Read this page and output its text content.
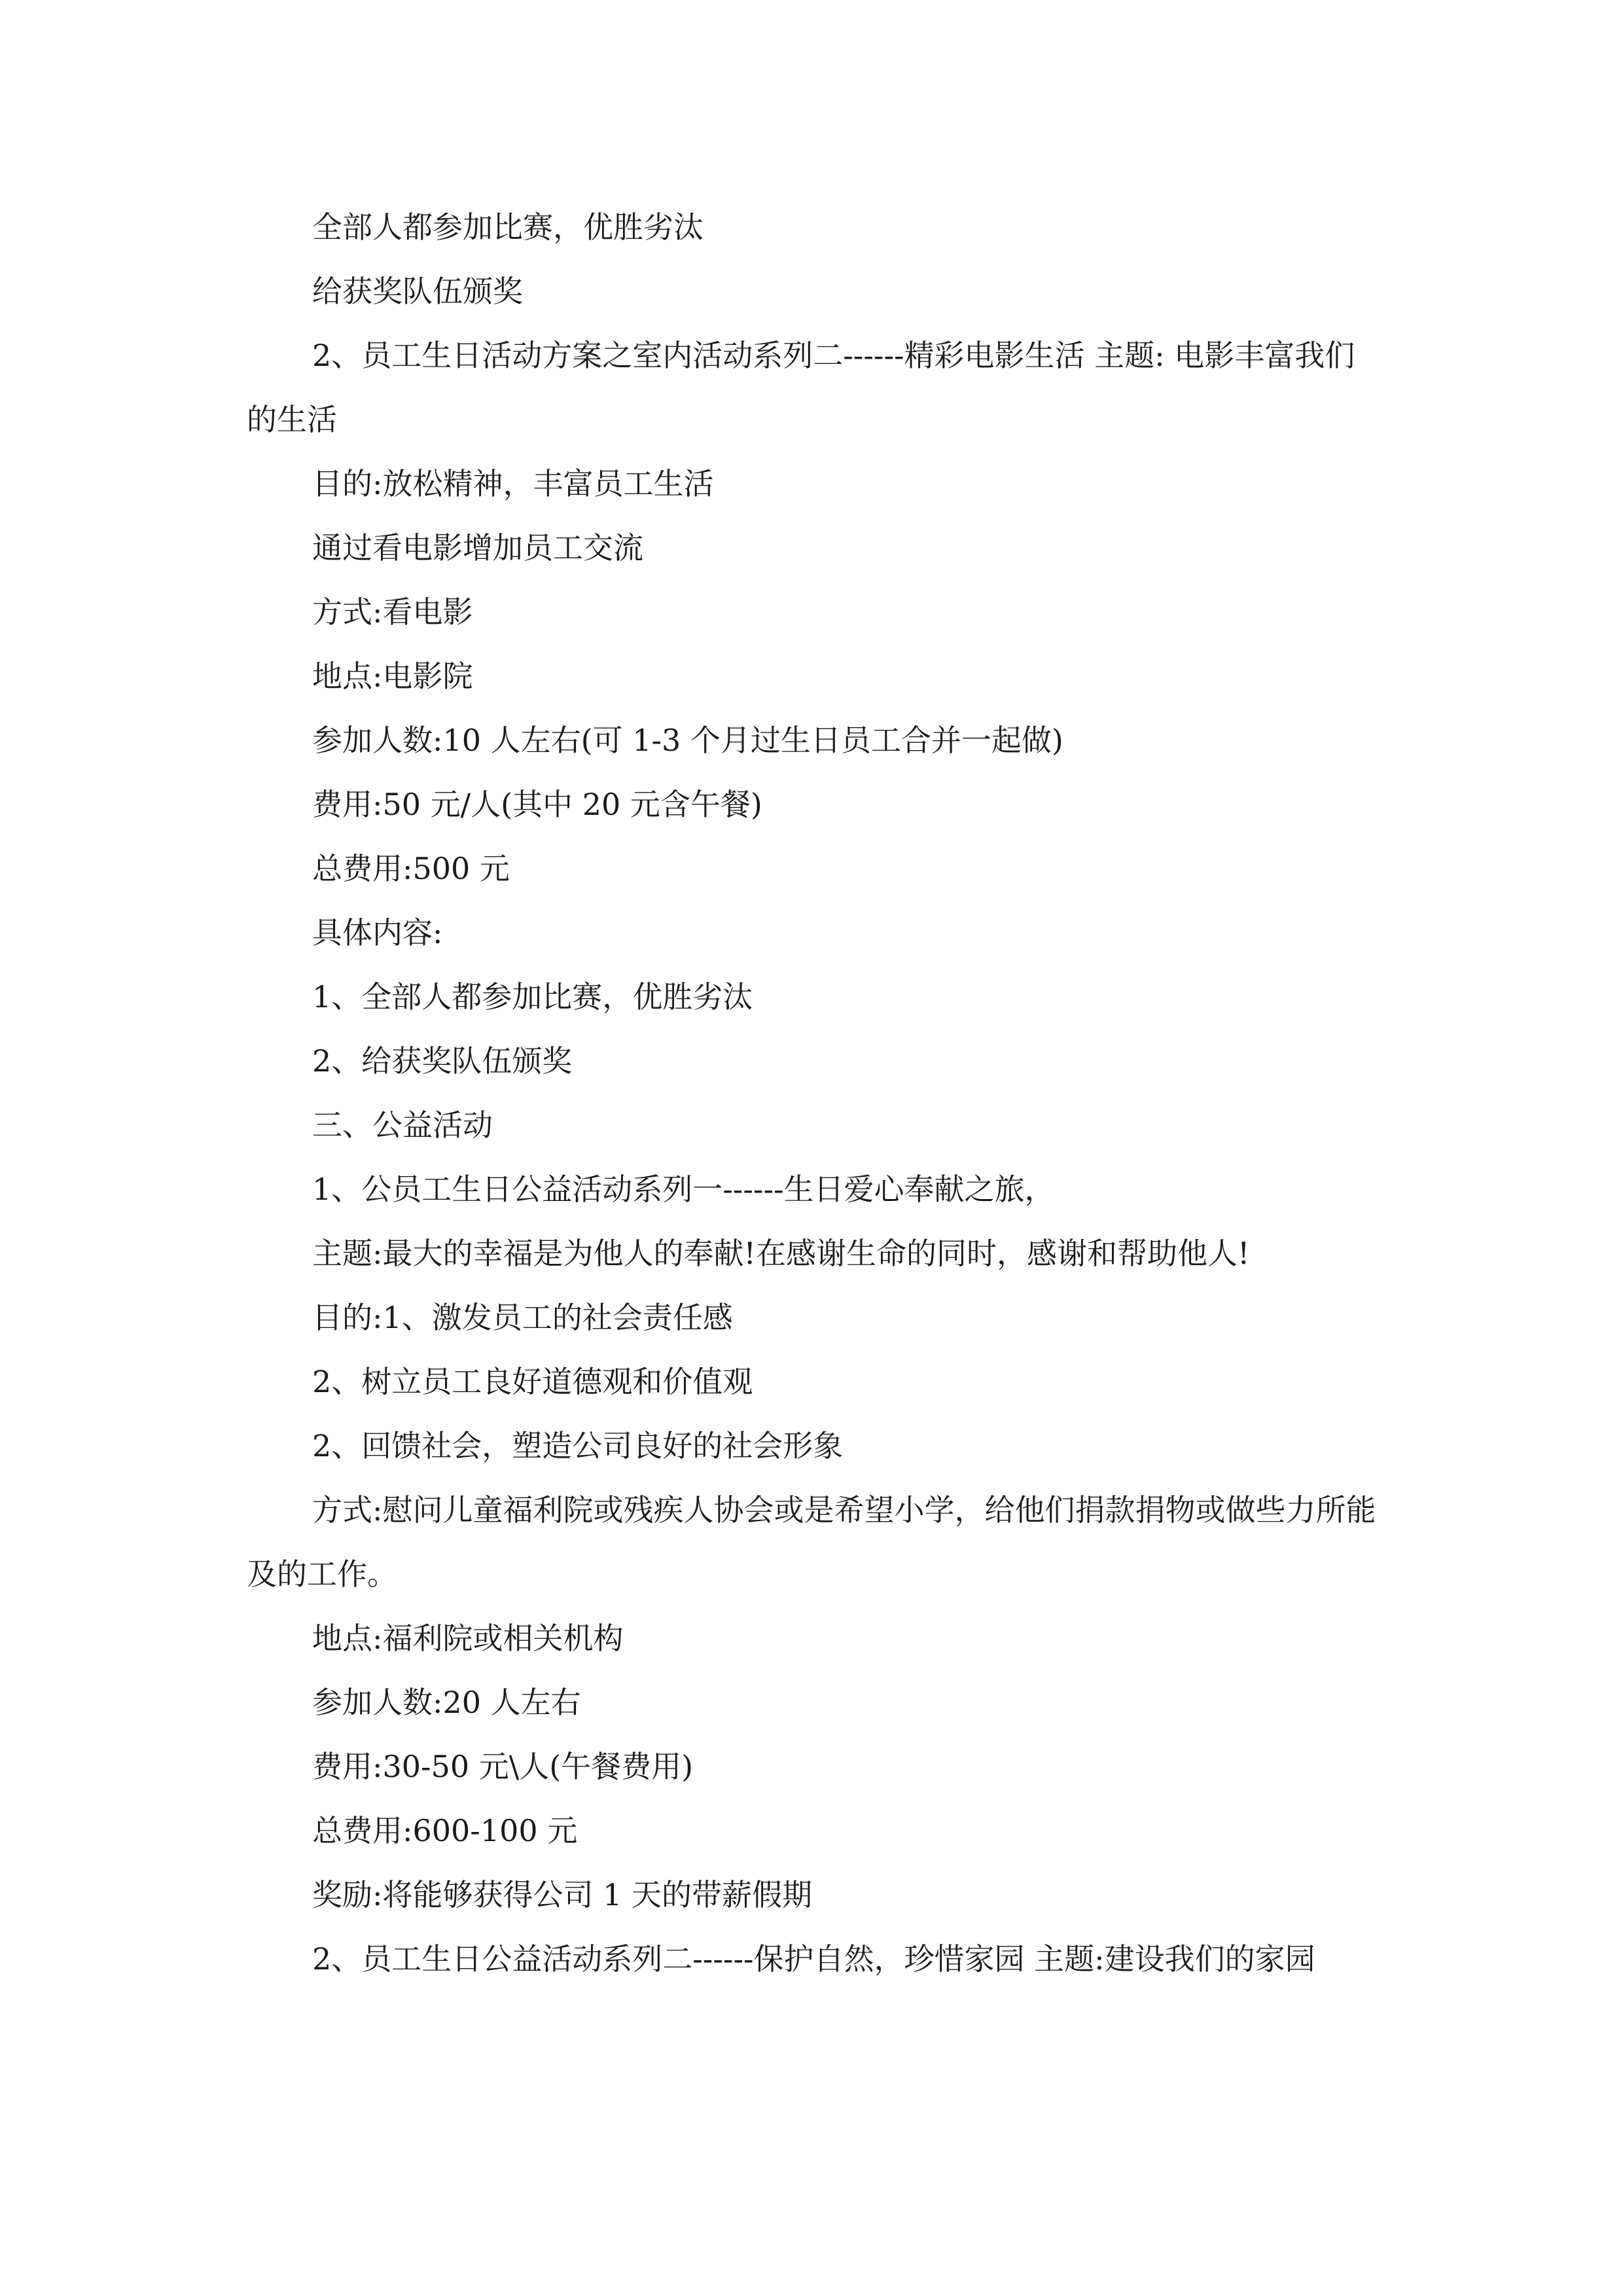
全部人都参加比赛，优胜劣汰

给获奖队伍颁奖

2、员工生日活动方案之室内活动系列二------精彩电影生活 主题: 电影丰富我们的生活

目的:放松精神，丰富员工生活

通过看电影增加员工交流

方式:看电影

地点:电影院

参加人数:10 人左右(可 1-3 个月过生日员工合并一起做)

费用:50 元/人(其中 20 元含午餐)

总费用:500 元

具体内容:

1、全部人都参加比赛，优胜劣汰

2、给获奖队伍颁奖

三、公益活动

1、公员工生日公益活动系列一------生日爱心奉献之旅，

主题:最大的幸福是为他人的奉献!在感谢生命的同时，感谢和帮助他人!

目的:1、激发员工的社会责任感

2、树立员工良好道德观和价值观

2、回馈社会，塑造公司良好的社会形象

方式:慰问儿童福利院或残疾人协会或是希望小学，给他们捐款捐物或做些力所能及的工作。

地点:福利院或相关机构

参加人数:20 人左右

费用:30-50 元\人(午餐费用)

总费用:600-100 元

奖励:将能够获得公司 1 天的带薪假期

2、员工生日公益活动系列二------保护自然，珍惜家园 主题:建设我们的家园
